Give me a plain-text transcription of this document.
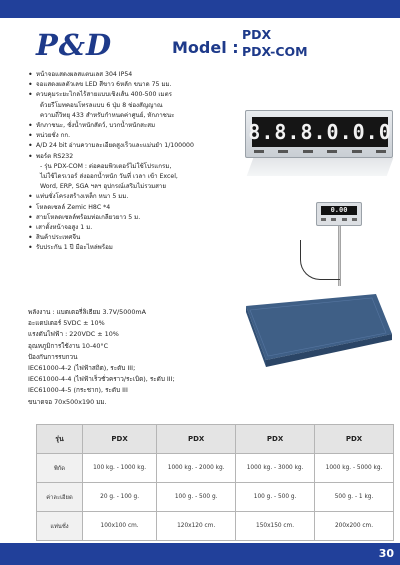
P&D	Model :
PDX
PDX-COM
• หน้าจอแสดงผลสแตนเลส 304 IP54
• จอแสดงผลตัวเลข LED สีขาว 6หลัก ขนาด 75 มม.
• ควบคุมระยะไกลไร้สายแบบเชิงเส้น 400-500 เมตร
ด้วยรีโมทคอนโทรลแบบ 6 ปุ่ม 8 ช่องสัญญาณ
ความถี่วิทยุ 433 สำหรับกำหนดค่าศูนย์, หักภาชนะ
• หักภาชนะ, ชั่งน้ำหนักสัตว์, บวกน้ำหนักสะสม
• หน่วยชั่ง กก.
• A/D 24 bit อ่านความละเอียดสูงเร็วและแม่นยำ 1/100000
• พอร์ต RS232
- รุ่น PDX-COM : ต่อคอมพิวเตอร์ไม่ใช้โปรแกรม,
ไม่ใช้ไดรเวอร์ ส่งออกน้ำหนัก วันที่ เวลา เข้า Excel,
Word, ERP, SGA ฯลฯ อุปกรณ์เสริมไม่รวมสาย
• แท่นชั่งโครงสร้างเหล็ก หนา 5 มม.
• โหลดเซลล์ Zemic H8C *4
• สายโหลดเซลล์พร้อมท่อเกลียวยาว 5 ม.
• เสาตั้งหน้าจอสูง 1 ม.
• สินค้าประเทศจีน
• รับประกัน 1 ปี มีอะไหล่พร้อม
8.8.8.0.0.0
0.00
พลังงาน : แบตเตอรี่ลิเธียม 3.7V/5000mA
อะแดปเตอร์ 5VDC ± 10%
แรงดันไฟฟ้า : 220VDC ± 10%
อุณหภูมิการใช้งาน 10-40°C
ป้องกันการรบกวน
IEC61000-4-2 (ไฟฟ้าสถิต), ระดับ III;
IEC61000-4-4 (ไฟฟ้าเร็วชั่วคราว/ระเบิด), ระดับ III;
IEC61000-4-5 (กระชาก), ระดับ III
ขนาดจอ 70x500x190 มม.
รุ่น	PDX	PDX	PDX	PDX
พิกัด	100 kg. - 1000 kg.	1000 kg. - 2000 kg.	1000 kg. - 3000 kg.	1000 kg. - 5000 kg.
ค่าละเอียด	20 g. - 100 g.	100 g. - 500 g.	100 g. - 500 g.	500 g. - 1 kg.
แท่นชั่ง	100x100 cm.	120x120 cm.	150x150 cm.	200x200 cm.
30
